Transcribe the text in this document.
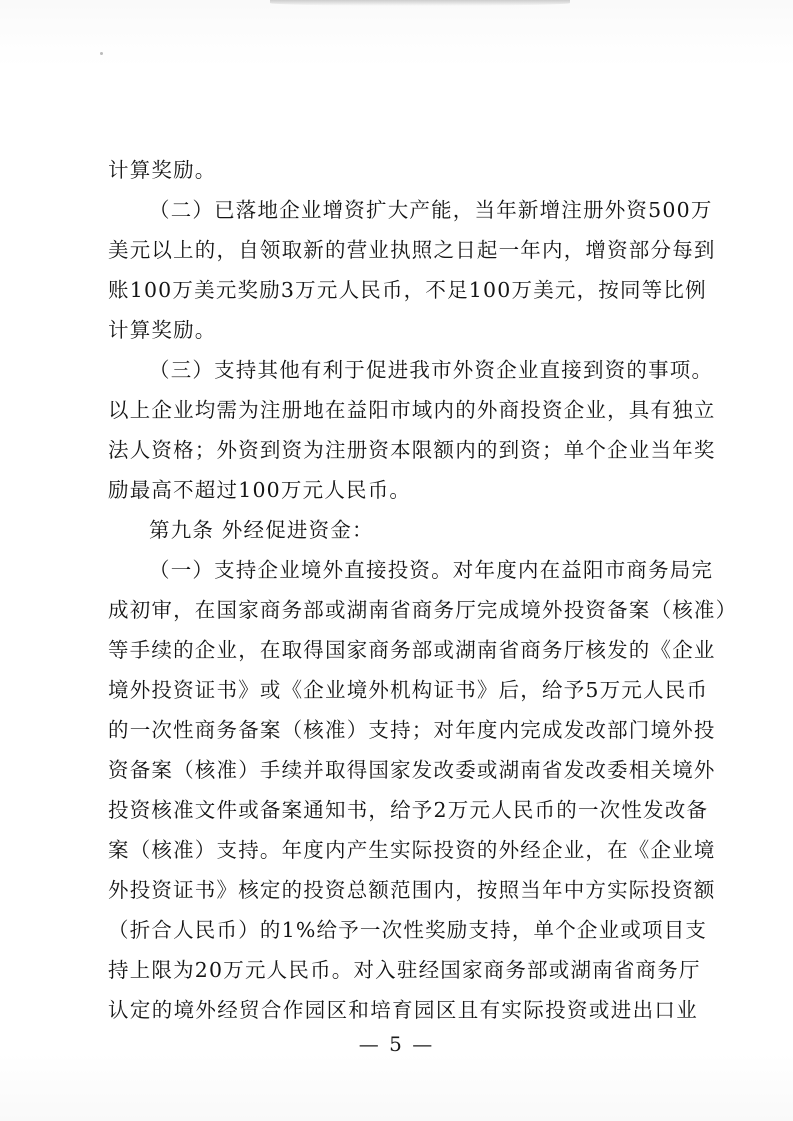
计算奖励。
（二）已落地企业增资扩大产能，当年新增注册外资500万
美元以上的，自领取新的营业执照之日起一年内，增资部分每到
账100万美元奖励3万元人民币，不足100万美元，按同等比例
计算奖励。
（三）支持其他有利于促进我市外资企业直接到资的事项。
以上企业均需为注册地在益阳市域内的外商投资企业，具有独立
法人资格；外资到资为注册资本限额内的到资；单个企业当年奖
励最高不超过100万元人民币。
第九条 外经促进资金：
（一）支持企业境外直接投资。对年度内在益阳市商务局完
成初审，在国家商务部或湖南省商务厅完成境外投资备案（核准）
等手续的企业，在取得国家商务部或湖南省商务厅核发的《企业
境外投资证书》或《企业境外机构证书》后，给予5万元人民币
的一次性商务备案（核准）支持；对年度内完成发改部门境外投
资备案（核准）手续并取得国家发改委或湖南省发改委相关境外
投资核准文件或备案通知书，给予2万元人民币的一次性发改备
案（核准）支持。年度内产生实际投资的外经企业，在《企业境
外投资证书》核定的投资总额范围内，按照当年中方实际投资额
（折合人民币）的1%给予一次性奖励支持，单个企业或项目支
持上限为20万元人民币。对入驻经国家商务部或湖南省商务厅
认定的境外经贸合作园区和培育园区且有实际投资或进出口业
— 5 —
